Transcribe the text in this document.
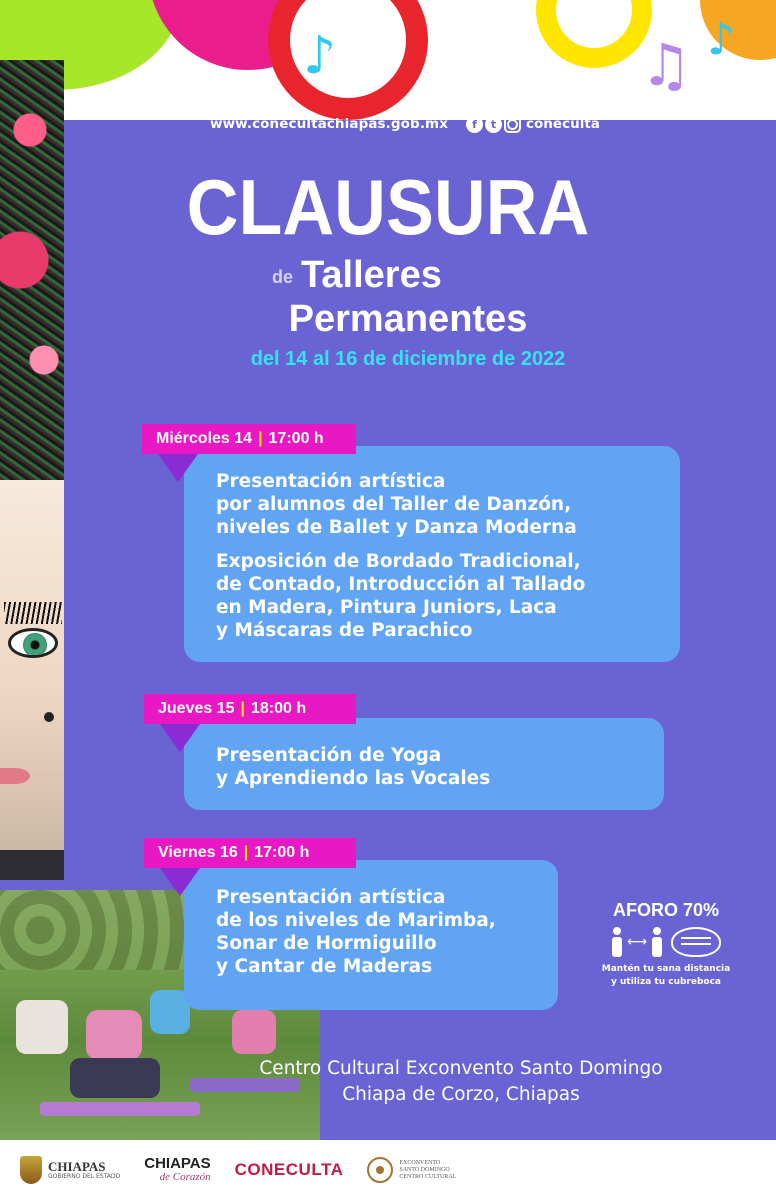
♪	♫ ♪
www.conecultachiapas.gob.mx	f	t	coneculta
CLAUSURA
de Talleres
Permanentes
del 14 al 16 de diciembre de 2022
Miércoles 14 | 17:00 h
Presentación artística
por alumnos del Taller de Danzón,
niveles de Ballet y Danza Moderna
Exposición de Bordado Tradicional,
de Contado, Introducción al Tallado
en Madera, Pintura Juniors, Laca
y Máscaras de Parachico
Jueves 15 | 18:00 h
Presentación de Yoga
y Aprendiendo las Vocales
Viernes 16 | 17:00 h
Presentación artística
de los niveles de Marimba,
Sonar de Hormiguillo
y Cantar de Maderas
AFORO 70%
⟷
Mantén tu sana distancia
y utiliza tu cubreboca
Centro Cultural Exconvento Santo Domingo
Chiapa de Corzo, Chiapas
CHIAPAS
GOBIERNO DEL ESTADO
CHIAPAS
de Corazón CONECULTA	EXCONVENTO
SANTO DOMINGO
CENTRO CULTURAL
